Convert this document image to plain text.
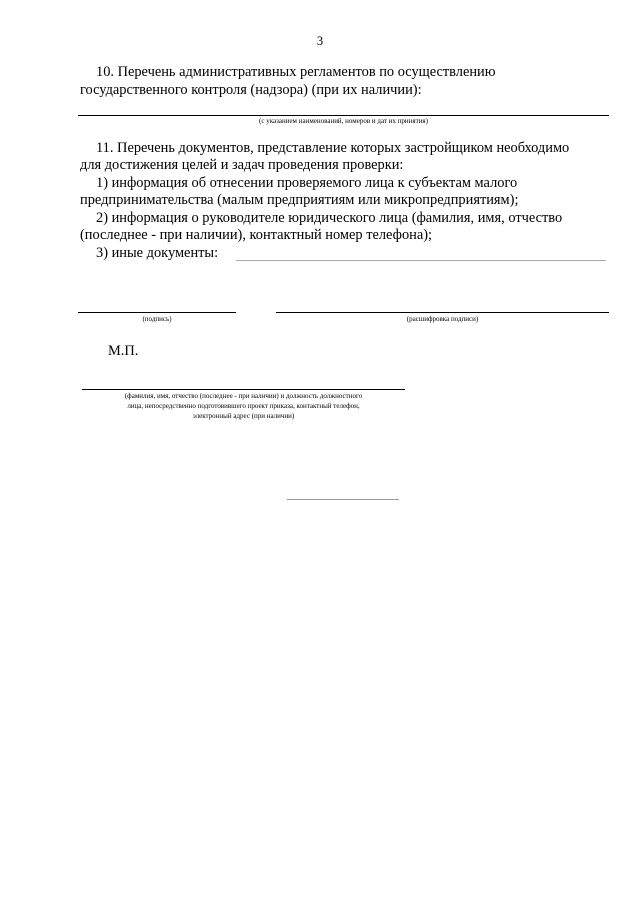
3
10. Перечень административных регламентов по осуществлению
государственного контроля (надзора) (при их наличии):
(с указанием наименований, номеров и дат их принятия)
11. Перечень документов, представление которых застройщиком необходимо
для достижения целей и задач проведения проверки:
1) информация об отнесении проверяемого лица к субъектам малого
предпринимательства (малым предприятиям или микропредприятиям);
2) информация о руководителе юридического лица (фамилия, имя, отчество
(последнее - при наличии), контактный номер телефона);
3) иные документы:
(подпись)	(расшифровка подписи)
М.П.
(фамилия, имя, отчество (последнее - при наличии) и должность должностного
лица, непосредственно подготовившего проект приказа, контактный телефон,
электронный адрес (при наличии)
